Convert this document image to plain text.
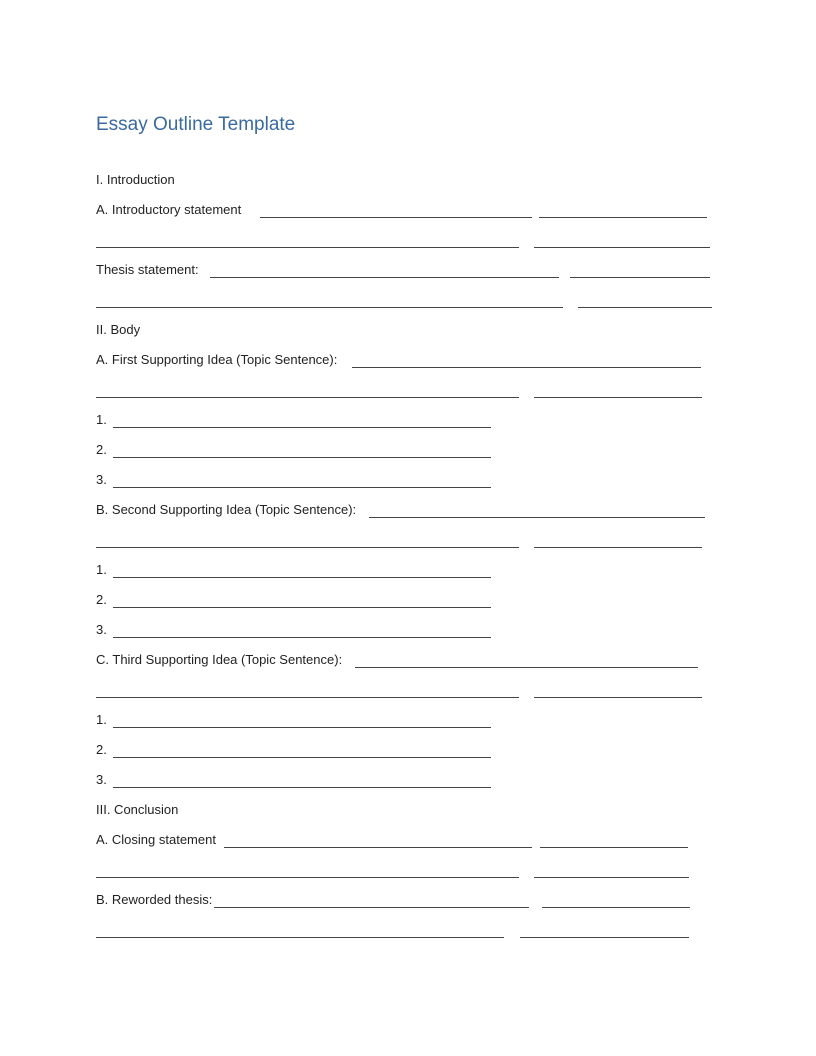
Essay Outline Template
I. Introduction
A. Introductory statement
Thesis statement:
II. Body
A. First Supporting Idea (Topic Sentence):
1.
2.
3.
B. Second Supporting Idea (Topic Sentence):
1.
2.
3.
C. Third Supporting Idea (Topic Sentence):
1.
2.
3.
III. Conclusion
A. Closing statement
B. Reworded thesis:
